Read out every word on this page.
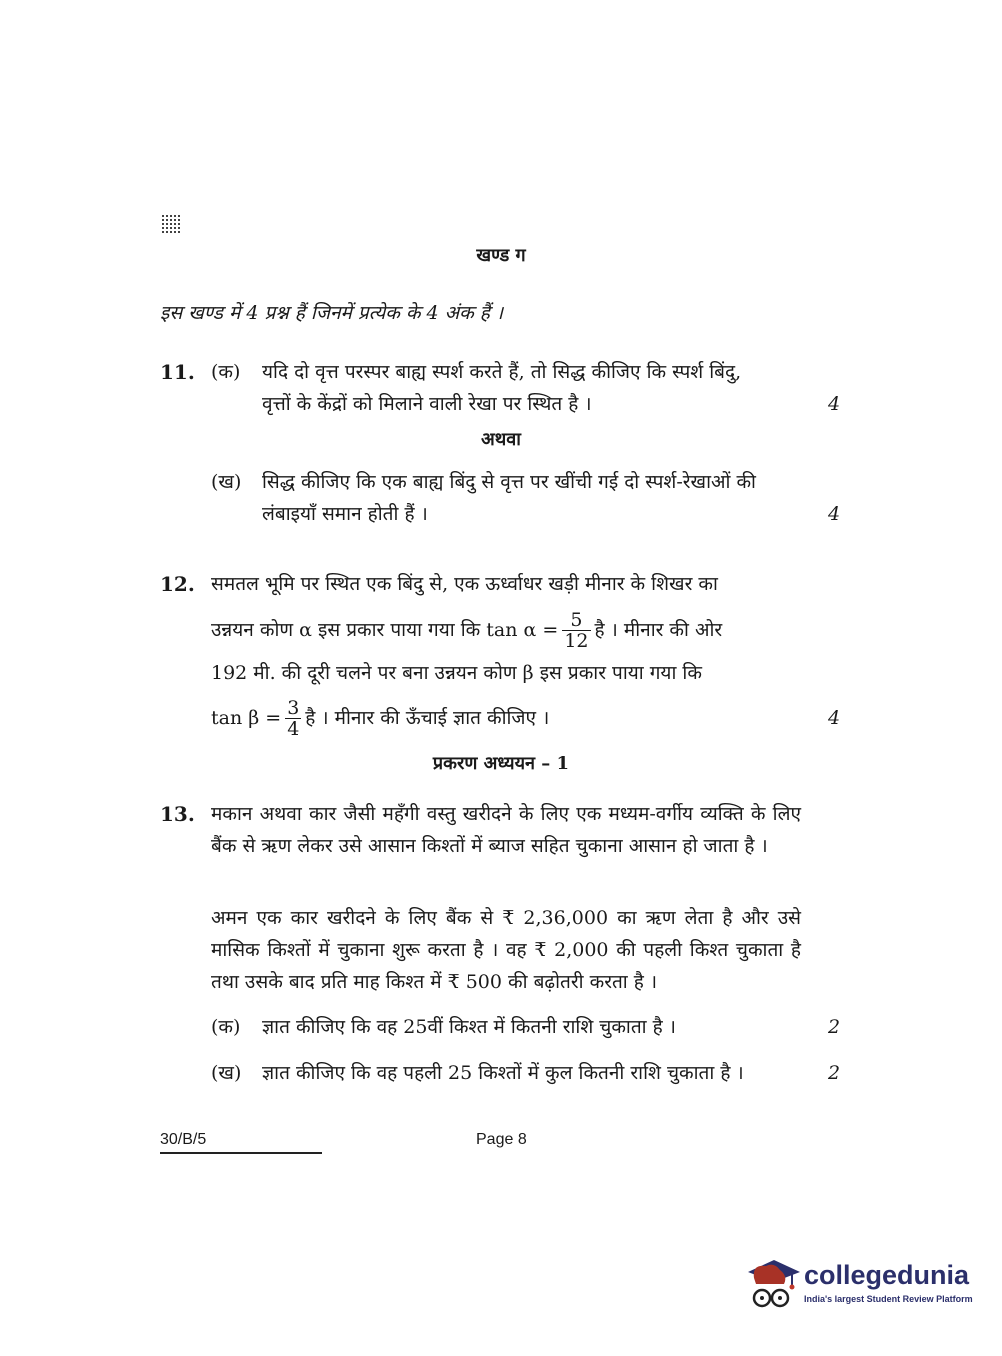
खण्ड ग
इस खण्ड में 4 प्रश्न हैं जिनमें प्रत्येक के 4 अंक हैं ।
11. (क) यदि दो वृत्त परस्पर बाह्य स्पर्श करते हैं, तो सिद्ध कीजिए कि स्पर्श बिंदु,
वृत्तों के केंद्रों को मिलाने वाली रेखा पर स्थित है ।	4
अथवा
(ख) सिद्ध कीजिए कि एक बाह्य बिंदु से वृत्त पर खींची गई दो स्पर्श-रेखाओं की
लंबाइयाँ समान होती हैं ।	4
12. समतल भूमि पर स्थित एक बिंदु से, एक ऊर्ध्वाधर खड़ी मीनार के शिखर का
उन्नयन कोण α इस प्रकार पाया गया कि $\tan \alpha = \frac{5}{12}$ है । मीनार की ओर
192 मी. की दूरी चलने पर बना उन्नयन कोण β इस प्रकार पाया गया कि
$\tan \beta = \frac{3}{4}$ है । मीनार की ऊँचाई ज्ञात कीजिए ।	4
प्रकरण अध्ययन – 1
13. मकान अथवा कार जैसी महँगी वस्तु खरीदने के लिए एक मध्यम-वर्गीय व्यक्ति के लिए बैंक से ऋण लेकर उसे आसान किश्तों में ब्याज सहित चुकाना आसान हो जाता है ।
अमन एक कार खरीदने के लिए बैंक से ₹ 2,36,000 का ऋण लेता है और उसे मासिक किश्तों में चुकाना शुरू करता है । वह ₹ 2,000 की पहली किश्त चुकाता है तथा उसके बाद प्रति माह किश्त में ₹ 500 की बढ़ोतरी करता है ।
(क) ज्ञात कीजिए कि वह 25वीं किश्त में कितनी राशि चुकाता है ।	2
(ख) ज्ञात कीजिए कि वह पहली 25 किश्तों में कुल कितनी राशि चुकाता है ।	2
30/B/5	Page 8
collegedunia
India's largest Student Review Platform
